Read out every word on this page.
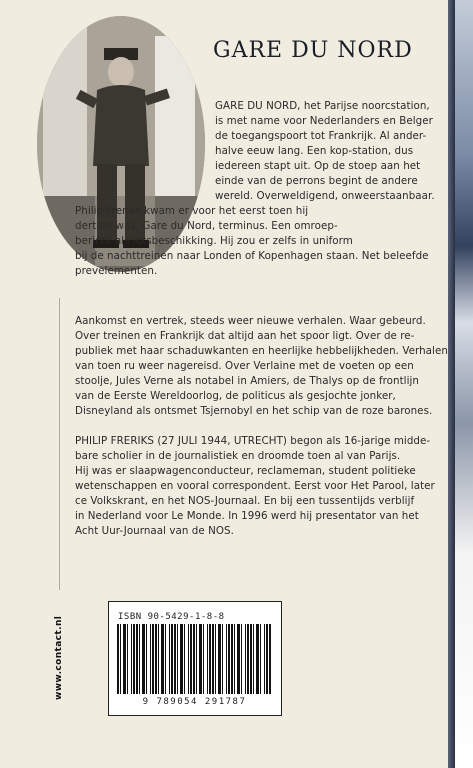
GARE DU NORD

GARE DU NORD, het Parijse noorcstation,
is met name voor Nederlanders en Belger
de toegangspoort tot Frankrijk. Al ander-
halve eeuw lang. Een kop-station, dus
iedereen stapt uit. Op de stoep aan het
einde van de perrons begint de andere
wereld. Overweldigend, onweerstaanbaar.
Philip Freriks kwam er voor het eerst toen hij
dertien was. Gare du Nord, terminus. Een omroep-
bericht als lotsbeschikking. Hij zou er zelfs in uniform
bij de nachttreinen naar Londen of Kopenhagen staan. Net beleefde
prevelementen.

Aankomst en vertrek, steeds weer nieuwe verhalen. Waar gebeurd.
Over treinen en Frankrijk dat altijd aan het spoor ligt. Over de re-
publiek met haar schaduwkanten en heerlijke hebbelijkheden. Verhalen
van toen ru weer nagereisd. Over Verlaine met de voeten op een
stoolje, Jules Verne als notabel in Amiers, de Thalys op de frontlijn
van de Eerste Wereldoorlog, de politicus als gesjochte jonker,
Disneyland als ontsmet Tsjernobyl en het schip van de roze barones.

PHILIP FRERIKS (27 JULI 1944, UTRECHT) begon als 16-jarige midde-
bare scholier in de journalistiek en droomde toen al van Parijs.
Hij was er slaapwagenconducteur, reclameman, student politieke
wetenschappen en vooral correspondent. Eerst voor Het Parool, later
ce Volkskrant, en het NOS-Journaal. En bij een tussentijds verblijf
in Nederland voor Le Monde. In 1996 werd hij presentator van het
Acht Uur-Journaal van de NOS.

www.contact.nl	ISBN 90-5429-1-8-8

9 789054 291787
